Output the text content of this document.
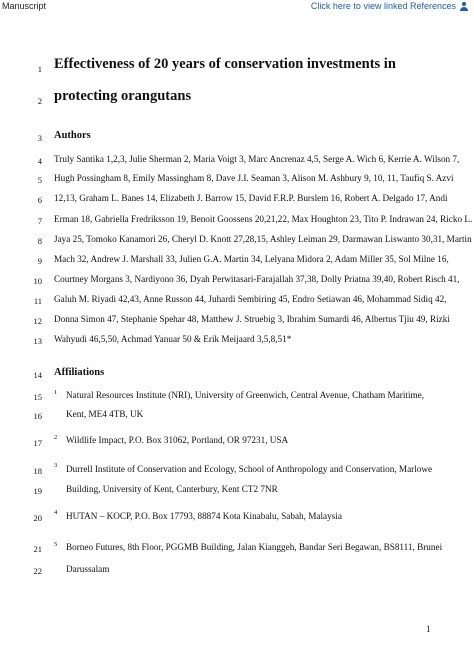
Manuscript	Click here to view linked References
1 Effectiveness of 20 years of conservation investments in
2 protecting orangutans
3 Authors
4 Truly Santika 1,2,3, Julie Sherman 2, Maria Voigt 3, Marc Ancrenaz 4,5, Serge A. Wich 6, Kerrie A. Wilson 7,
5 Hugh Possingham 8, Emily Massingham 8, Dave J.I. Seaman 3, Alison M. Ashbury 9, 10, 11, Taufiq S. Azvi
6 12,13, Graham L. Banes 14, Elizabeth J. Barrow 15, David F.R.P. Burslem 16, Robert A. Delgado 17, Andi
7 Erman 18, Gabriella Fredriksson 19, Benoit Goossens 20,21,22, Max Houghton 23, Tito P. Indrawan 24, Ricko L.
8 Jaya 25, Tomoko Kanamori 26, Cheryl D. Knott 27,28,15, Ashley Leiman 29, Darmawan Liswanto 30,31, Martin
9 Mach 32, Andrew J. Marshall 33, Julien G.A. Martin 34, Lelyana Midora 2, Adam Miller 35, Sol Milne 16,
10 Courtney Morgans 3, Nardiyono 36, Dyah Perwitasari-Farajallah 37,38, Dolly Priatna 39,40, Robert Risch 41,
11 Galuh M. Riyadi 42,43, Anne Russon 44, Juhardi Sembiring 45, Endro Setiawan 46, Mohammad Sidiq 42,
12 Donna Simon 47, Stephanie Spehar 48, Matthew J. Struebig 3, Ibrahim Sumardi 46, Albertus Tjiu 49, Rizki
13 Wahyudi 46,5,50, Achmad Yanuar 50 & Erik Meijaard 3,5,8,51*
14 Affiliations
15 1 Natural Resources Institute (NRI), University of Greenwich, Central Avenue, Chatham Maritime,
16	Kent, ME4 4TB, UK
17
2 Wildlife Impact, P.O. Box 31062, Portland, OR 97231, USA
18
3 Durrell Institute of Conservation and Ecology, School of Anthropology and Conservation, Marlowe
19	Building, University of Kent, Canterbury, Kent CT2 7NR
20
4 HUTAN – KOCP, P.O. Box 17793, 88874 Kota Kinabalu, Sabah, Malaysia
21 5 Borneo Futures, 8th Floor, PGGMB Building, Jalan Kianggeh, Bandar Seri Begawan, BS8111, Brunei
22	Darussalam
1
